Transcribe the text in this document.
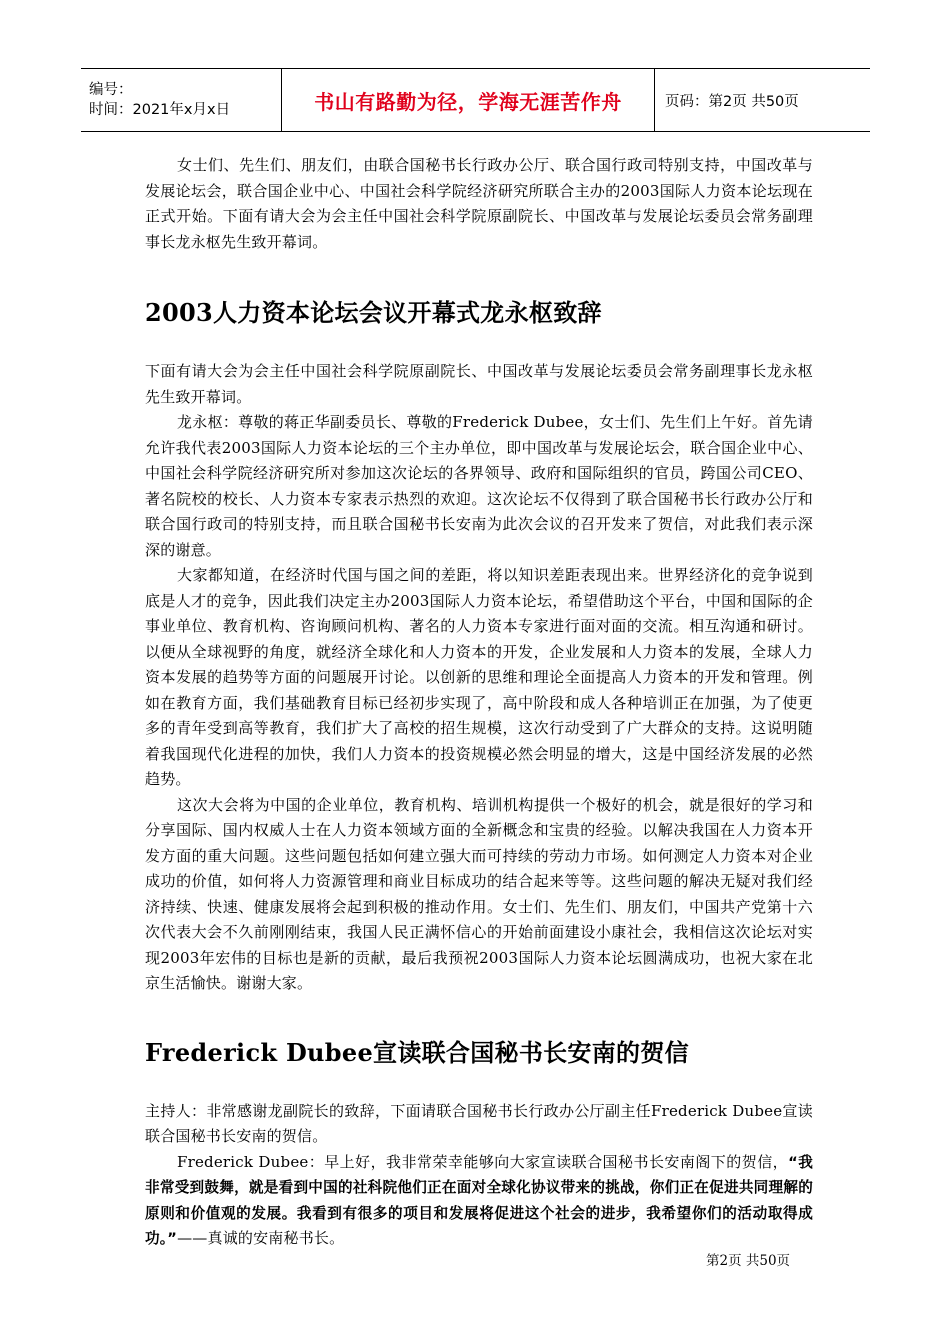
编号：
时间：2021年x月x日	书山有路勤为径，学海无涯苦作舟	页码：第2页 共50页

女士们、先生们、朋友们，由联合国秘书长行政办公厅、联合国行政司特别支持，中国改革与发展论坛会，联合国企业中心、中国社会科学院经济研究所联合主办的2003国际人力资本论坛现在正式开始。下面有请大会为会主任中国社会科学院原副院长、中国改革与发展论坛委员会常务副理事长龙永枢先生致开幕词。

2003人力资本论坛会议开幕式龙永枢致辞

下面有请大会为会主任中国社会科学院原副院长、中国改革与发展论坛委员会常务副理事长龙永枢先生致开幕词。

龙永枢：尊敬的蒋正华副委员长、尊敬的Frederick Dubee，女士们、先生们上午好。首先请允许我代表2003国际人力资本论坛的三个主办单位，即中国改革与发展论坛会，联合国企业中心、中国社会科学院经济研究所对参加这次论坛的各界领导、政府和国际组织的官员，跨国公司CEO、著名院校的校长、人力资本专家表示热烈的欢迎。这次论坛不仅得到了联合国秘书长行政办公厅和联合国行政司的特别支持，而且联合国秘书长安南为此次会议的召开发来了贺信，对此我们表示深深的谢意。

大家都知道，在经济时代国与国之间的差距，将以知识差距表现出来。世界经济化的竞争说到底是人才的竞争，因此我们决定主办2003国际人力资本论坛，希望借助这个平台，中国和国际的企事业单位、教育机构、咨询顾问机构、著名的人力资本专家进行面对面的交流。相互沟通和研讨。以便从全球视野的角度，就经济全球化和人力资本的开发，企业发展和人力资本的发展，全球人力资本发展的趋势等方面的问题展开讨论。以创新的思维和理论全面提高人力资本的开发和管理。例如在教育方面，我们基础教育目标已经初步实现了，高中阶段和成人各种培训正在加强，为了使更多的青年受到高等教育，我们扩大了高校的招生规模，这次行动受到了广大群众的支持。这说明随着我国现代化进程的加快，我们人力资本的投资规模必然会明显的增大，这是中国经济发展的必然趋势。

这次大会将为中国的企业单位，教育机构、培训机构提供一个极好的机会，就是很好的学习和分享国际、国内权威人士在人力资本领域方面的全新概念和宝贵的经验。以解决我国在人力资本开发方面的重大问题。这些问题包括如何建立强大而可持续的劳动力市场。如何测定人力资本对企业成功的价值，如何将人力资源管理和商业目标成功的结合起来等等。这些问题的解决无疑对我们经济持续、快速、健康发展将会起到积极的推动作用。女士们、先生们、朋友们，中国共产党第十六次代表大会不久前刚刚结束，我国人民正满怀信心的开始前面建设小康社会，我相信这次论坛对实现2003年宏伟的目标也是新的贡献，最后我预祝2003国际人力资本论坛圆满成功，也祝大家在北京生活愉快。谢谢大家。

Frederick Dubee宣读联合国秘书长安南的贺信

主持人：非常感谢龙副院长的致辞，下面请联合国秘书长行政办公厅副主任Frederick Dubee宣读联合国秘书长安南的贺信。

Frederick Dubee：早上好，我非常荣幸能够向大家宣读联合国秘书长安南阁下的贺信，“我非常受到鼓舞，就是看到中国的社科院他们正在面对全球化协议带来的挑战，你们正在促进共同理解的原则和价值观的发展。我看到有很多的项目和发展将促进这个社会的进步，我希望你们的活动取得成功。”——真诚的安南秘书长。

第2页 共50页
